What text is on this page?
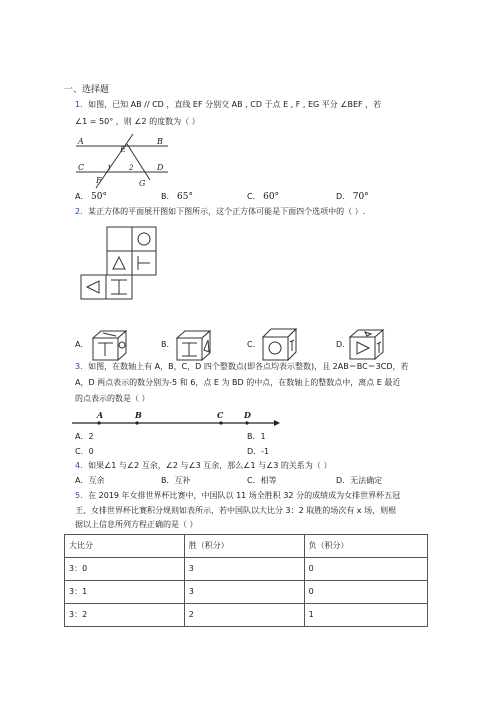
一、选择题
1．如图，已知 AB // CD ，直线 EF 分别交 AB , CD 于点 E , F , EG 平分 ∠BEF ，若
∠1 = 50° ，则 ∠2 的度数为（ ）
A	B
C	D
E
F	G
1	2
A． 50°	B． 65°	C． 60°	D． 70°
2．某正方体的平面展开图如下图所示，这个正方体可能是下面四个选项中的（ ）.
A.	B.	C.	D.
3．如图，在数轴上有 A，B，C，D 四个整数点(即各点均表示整数)，且 2AB＝BC＝3CD，若
A，D 两点表示的数分别为-5 和 6，点 E 为 BD 的中点，在数轴上的整数点中，离点 E 最近
的点表示的数是（ ）
A	B	C	D
A．2	B．1
C．0	D．-1
4．如果∠1 与∠2 互余，∠2 与∠3 互余，那么∠1 与∠3 的关系为（ ）
A．互余	B．互补	C．相等	D．无法确定
5．在 2019 年女排世界杯比赛中，中国队以 11 场全胜积 32 分的成绩成为女排世界杯五冠
王、女排世界杯比赛积分规则如表所示，若中国队以大比分 3：2 取胜的场次有 x 场，则根
据以上信息所列方程正确的是（ ）
大比分	胜（积分）	负（积分）
3：0	3	0
3：1	3	0
3：2	2	1
